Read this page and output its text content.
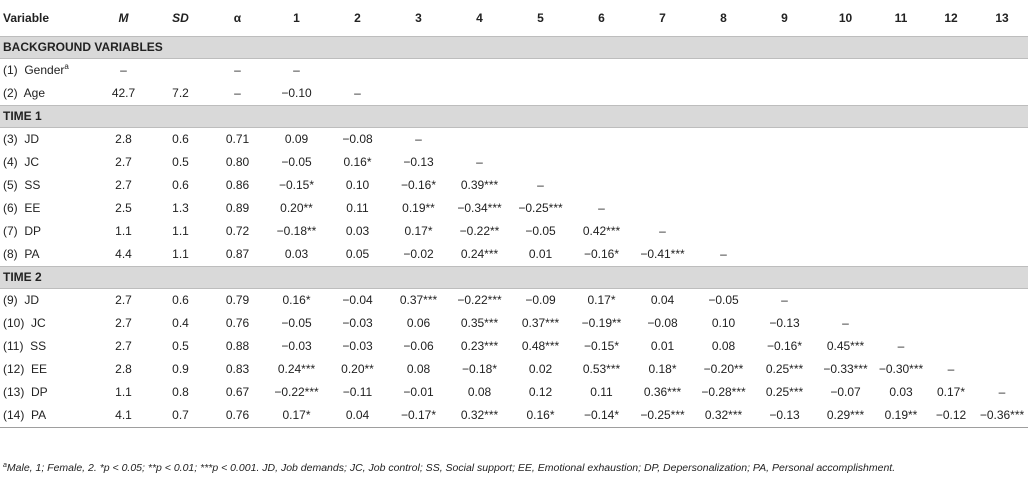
Variable	M	SD	α	1	2	3	4	5	6	7	8	9	10	11	12	13
BACKGROUND VARIABLES																
(1)  Gender$^a$	–		–	–												
(2)  Age	42.7	7.2	–	−0.10	–											
TIME 1																
(3)  JD	2.8	0.6	0.71	0.09	−0.08	–										
(4)  JC	2.7	0.5	0.80	−0.05	0.16*	−0.13	–									
(5)  SS	2.7	0.6	0.86	−0.15*	0.10	−0.16*	0.39***	–								
(6)  EE	2.5	1.3	0.89	0.20**	0.11	0.19**	−0.34***	−0.25***	–							
(7)  DP	1.1	1.1	0.72	−0.18**	0.03	0.17*	−0.22**	−0.05	0.42***	–						
(8)  PA	4.4	1.1	0.87	0.03	0.05	−0.02	0.24***	0.01	−0.16*	−0.41***	–					
TIME 2																
(9)  JD	2.7	0.6	0.79	0.16*	−0.04	0.37***	−0.22***	−0.09	0.17*	0.04	−0.05	–				
(10)  JC	2.7	0.4	0.76	−0.05	−0.03	0.06	0.35***	0.37***	−0.19**	−0.08	0.10	−0.13	–			
(11)  SS	2.7	0.5	0.88	−0.03	−0.03	−0.06	0.23***	0.48***	−0.15*	0.01	0.08	−0.16*	0.45***	–		
(12)  EE	2.8	0.9	0.83	0.24***	0.20**	0.08	−0.18*	0.02	0.53***	0.18*	−0.20**	0.25***	−0.33***	−0.30***	–	
(13)  DP	1.1	0.8	0.67	−0.22***	−0.11	−0.01	0.08	0.12	0.11	0.36***	−0.28***	0.25***	−0.07	0.03	0.17*	–
(14)  PA	4.1	0.7	0.76	0.17*	0.04	−0.17*	0.32***	0.16*	−0.14*	−0.25***	0.32***	−0.13	0.29***	0.19**	−0.12	−0.36***
$^a$Male, 1; Female, 2. *p < 0.05; **p < 0.01; ***p < 0.001. JD, Job demands; JC, Job control; SS, Social support; EE, Emotional exhaustion; DP, Depersonalization; PA, Personal accomplishment.
